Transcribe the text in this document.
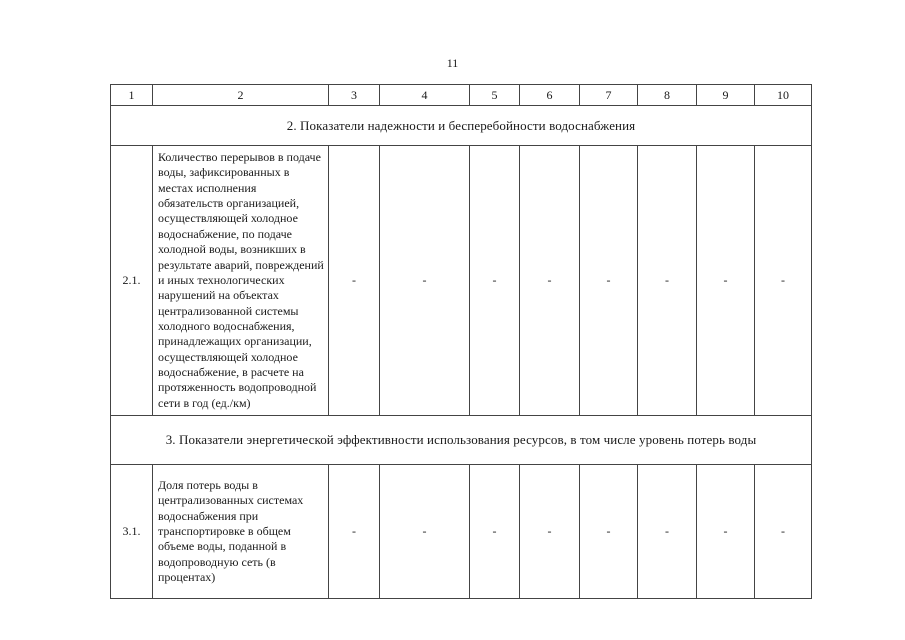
11
1	2	3	4	5	6	7	8	9	10
2. Показатели надежности и бесперебойности водоснабжения									
2.1.	Количество перерывов в подаче воды, зафиксированных в местах исполнения обязательств организацией, осуществляющей холодное водоснабжение, по подаче холодной воды, возникших в результате аварий, повреждений и иных технологических нарушений на объектах централизованной системы холодного водоснабжения, принадлежащих организации, осуществляющей холодное водоснабжение, в расчете на протяженность водопроводной сети в год (ед./км)	-	-	-	-	-	-	-	-
3. Показатели энергетической эффективности использования ресурсов, в том числе уровень потерь воды									
3.1.	Доля потерь воды в централизованных системах водоснабжения при транспортировке в общем объеме воды, поданной в водопроводную сеть (в процентах)	-	-	-	-	-	-	-	-
